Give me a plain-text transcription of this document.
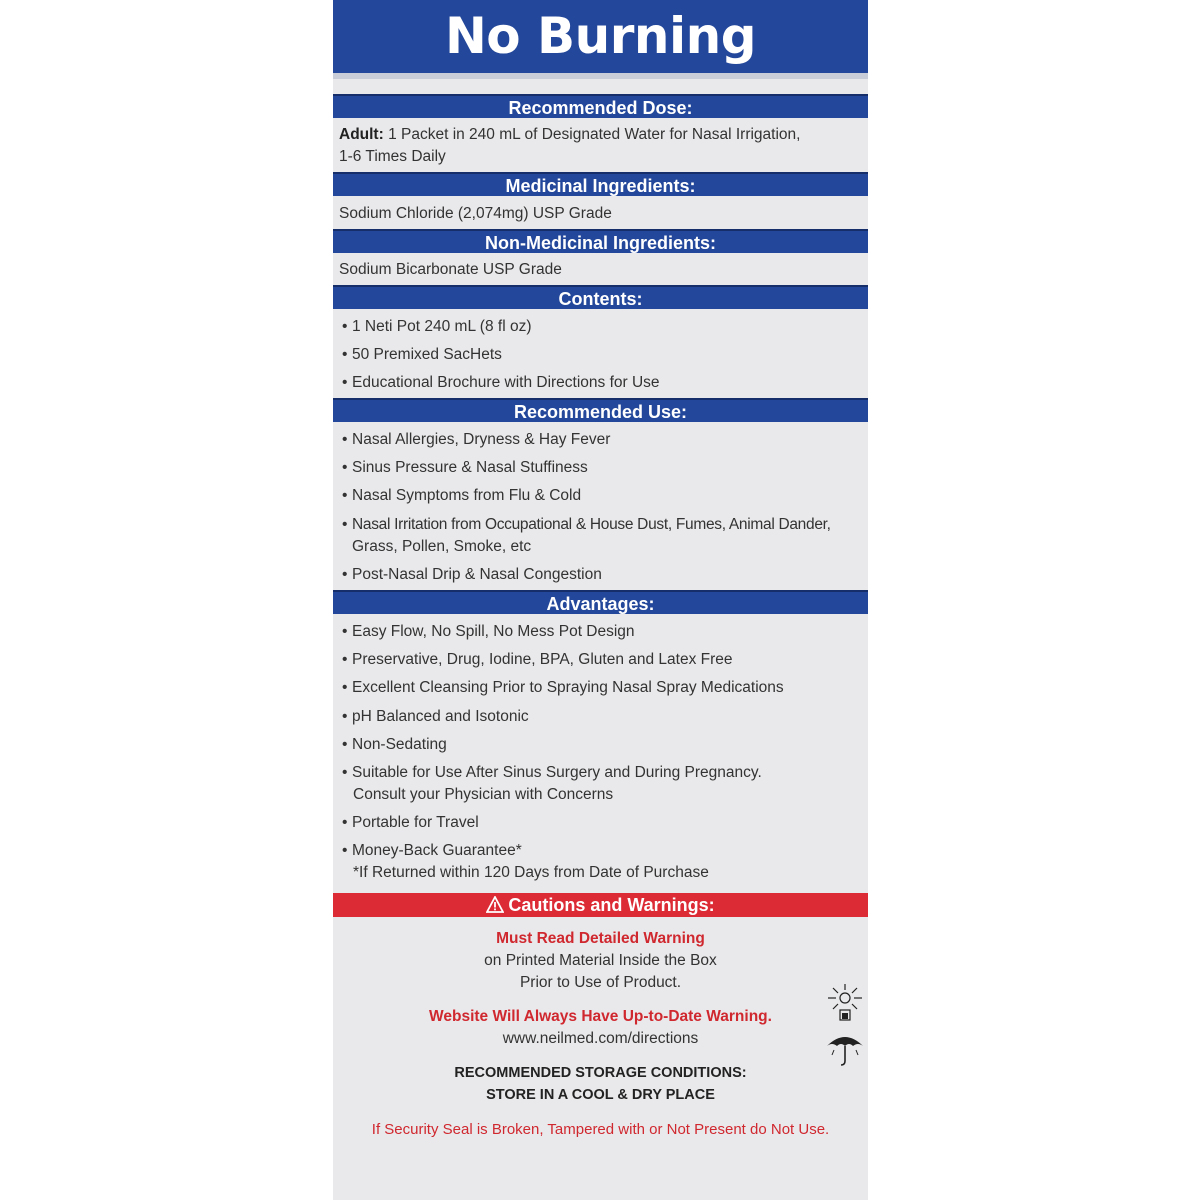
No Burning
Recommended Dose:
Adult: 1 Packet in 240 mL of Designated Water for Nasal Irrigation,
1-6 Times Daily
Medicinal Ingredients:
Sodium Chloride (2,074mg) USP Grade
Non-Medicinal Ingredients:
Sodium Bicarbonate USP Grade
Contents:
• 1 Neti Pot 240 mL (8 fl oz)
• 50 Premixed SacHets
• Educational Brochure with Directions for Use
Recommended Use:
• Nasal Allergies, Dryness & Hay Fever
• Sinus Pressure & Nasal Stuffiness
• Nasal Symptoms from Flu & Cold
• Nasal Irritation from Occupational & House Dust, Fumes, Animal Dander,
Grass, Pollen, Smoke, etc
• Post-Nasal Drip & Nasal Congestion
Advantages:
• Easy Flow, No Spill, No Mess Pot Design
• Preservative, Drug, Iodine, BPA, Gluten and Latex Free
• Excellent Cleansing Prior to Spraying Nasal Spray Medications
• pH Balanced and Isotonic
• Non-Sedating
• Suitable for Use After Sinus Surgery and During Pregnancy.
Consult your Physician with Concerns
• Portable for Travel
• Money-Back Guarantee*
*If Returned within 120 Days from Date of Purchase
Cautions and Warnings:
Must Read Detailed Warning
on Printed Material Inside the Box
Prior to Use of Product.
Website Will Always Have Up-to-Date Warning.
www.neilmed.com/directions
RECOMMENDED STORAGE CONDITIONS:
STORE IN A COOL & DRY PLACE
If Security Seal is Broken, Tampered with or Not Present do Not Use.
